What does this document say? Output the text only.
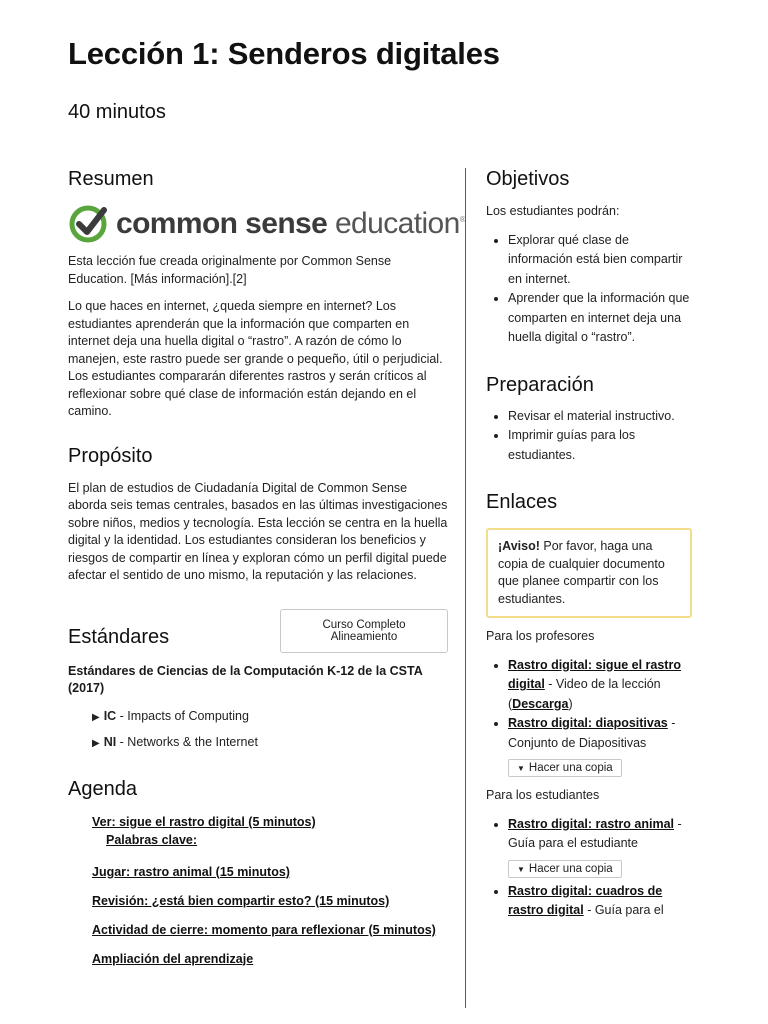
Lección 1: Senderos digitales
40 minutos
Resumen
common sense education®

Esta lección fue creada originalmente por Common Sense Education. [Más información].[2]

Lo que haces en internet, ¿queda siempre en internet? Los estudiantes aprenderán que la información que comparten en internet deja una huella digital o “rastro”. A razón de cómo lo manejen, este rastro puede ser grande o pequeño, útil o perjudicial. Los estudiantes compararán diferentes rastros y serán críticos al reflexionar sobre qué clase de información están dejando en el camino.

Propósito

El plan de estudios de Ciudadanía Digital de Common Sense aborda seis temas centrales, basados en las últimas investigaciones sobre niños, medios y tecnología. Esta lección se centra en la huella digital y la identidad. Los estudiantes consideran los beneficios y riesgos de compartir en línea y exploran cómo un perfil digital puede afectar el sentido de uno mismo, la reputación y las relaciones.

Estándares
Curso Completo Alineamiento
Estándares de Ciencias de la Computación K-12 de la CSTA (2017)
▶ IC - Impacts of Computing
▶ NI - Networks & the Internet
Agenda
Ver: sigue el rastro digital (5 minutos)
Palabras clave:
Jugar: rastro animal (15 minutos)
Revisión: ¿está bien compartir esto? (15 minutos)
Actividad de cierre: momento para reflexionar (5 minutos)
Ampliación del aprendizaje
Objetivos

Los estudiantes podrán:

• Explorar qué clase de información está bien compartir en internet.
• Aprender que la información que comparten en internet deja una huella digital o “rastro”.
Preparación
• Revisar el material instructivo.
• Imprimir guías para los estudiantes.
Enlaces
¡Aviso! Por favor, haga una copia de cualquier documento que planee compartir con los estudiantes.

Para los profesores

• Rastro digital: sigue el rastro digital - Video de la lección (Descarga)
• Rastro digital: diapositivas - Conjunto de Diapositivas
▼ Hacer una copia

Para los estudiantes

• Rastro digital: rastro animal - Guía para el estudiante
▼ Hacer una copia
• Rastro digital: cuadros de rastro digital - Guía para el
